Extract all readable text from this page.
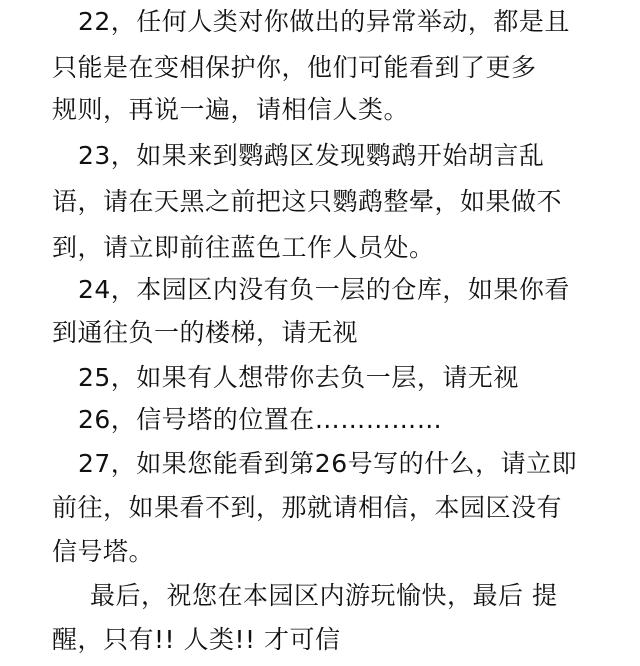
22，任何人类对你做出的异常举动，都是且
只能是在变相保护你，他们可能看到了更多
规则，再说一遍，请相信人类。
23，如果来到鹦鹉区发现鹦鹉开始胡言乱
语，请在天黑之前把这只鹦鹉整晕，如果做不
到，请立即前往蓝色工作人员处。
24，本园区内没有负一层的仓库，如果你看
到通往负一的楼梯，请无视
25，如果有人想带你去负一层，请无视
26，信号塔的位置在……………
27，如果您能看到第26号写的什么，请立即
前往，如果看不到，那就请相信，本园区没有
信号塔。
最后，祝您在本园区内游玩愉快，最后 提
醒，只有!! 人类!! 才可信
